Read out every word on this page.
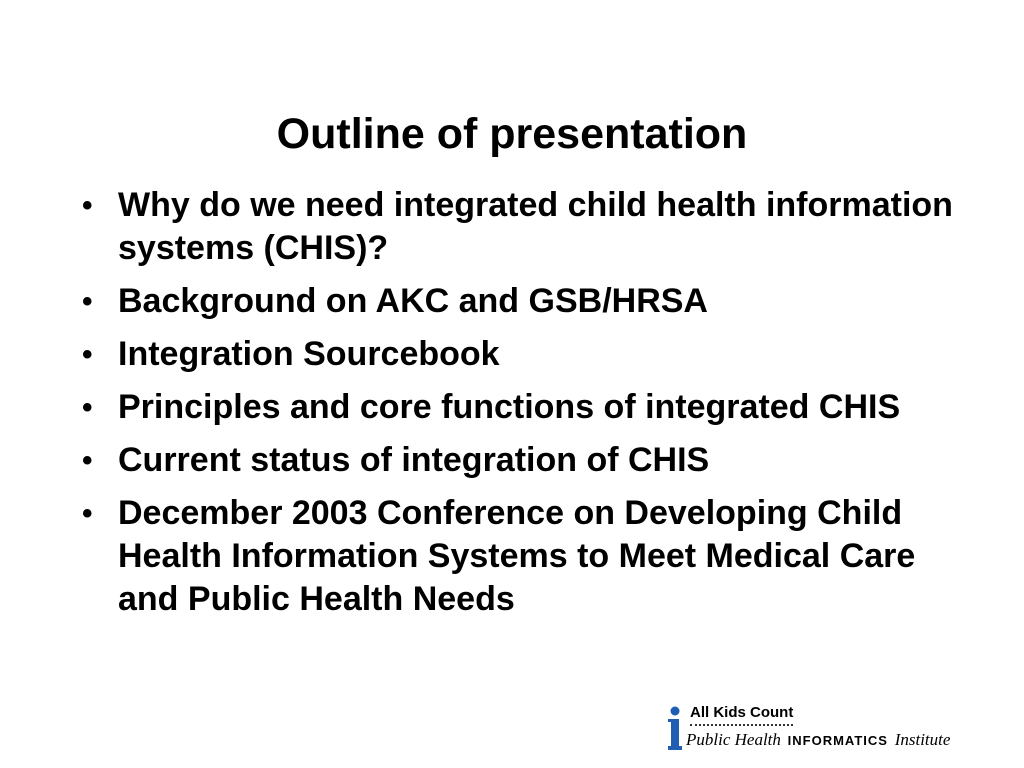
Outline of presentation
• Why do we need integrated child health information systems (CHIS)?
• Background on AKC and GSB/HRSA
• Integration Sourcebook
• Principles and core functions of integrated CHIS
• Current status of integration of CHIS
• December 2003 Conference on Developing Child Health Information Systems to Meet Medical Care and Public Health Needs
All Kids Count
Public Health INFORMATICS Institute
